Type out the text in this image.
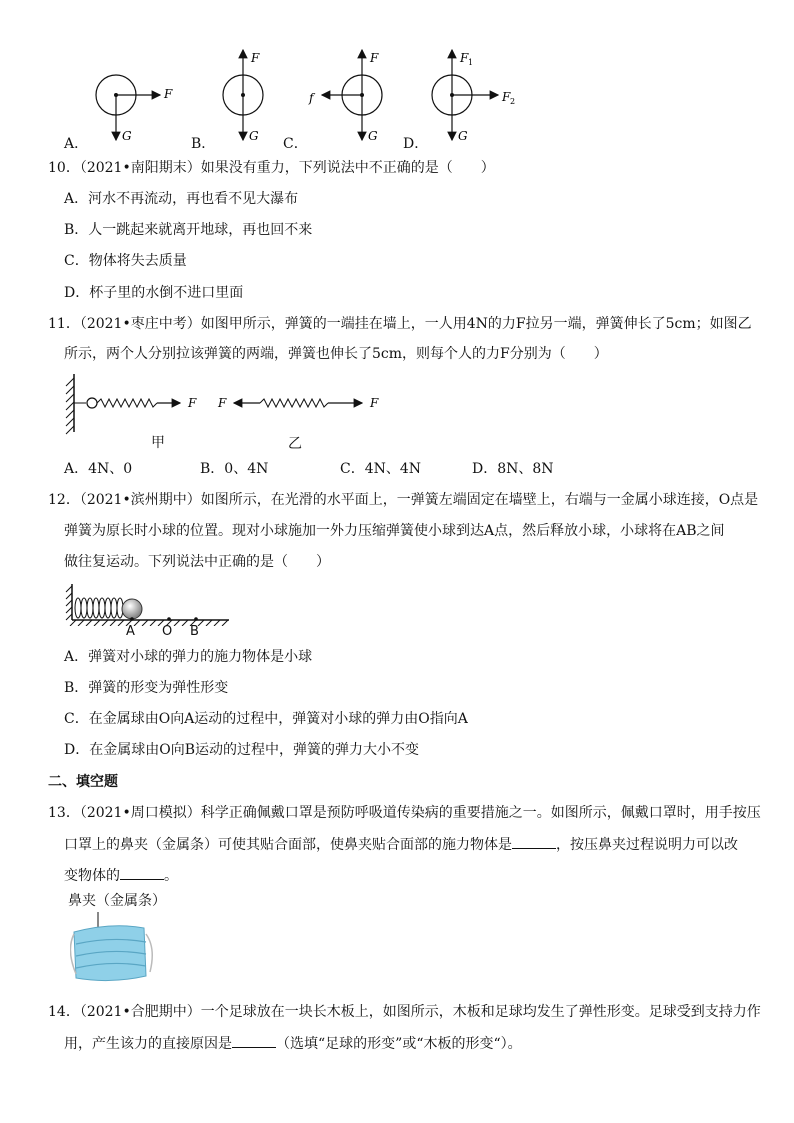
F
G
F
G
F
G
f
F 1
F 2
G
A．	B．	C．	D．
10．（2021•南阳期末）如果没有重力，下列说法中不正确的是（　　）
A．河水不再流动，再也看不见大瀑布
B．人一跳起来就离开地球，再也回不来
C．物体将失去质量
D．杯子里的水倒不进口里面
11．（2021•枣庄中考）如图甲所示，弹簧的一端挂在墙上，一人用4N的力F拉另一端，弹簧伸长了5cm；如图乙
所示，两个人分别拉该弹簧的两端，弹簧也伸长了5cm，则每个人的力F分别为（　　）
F F	F
甲	乙
A．4N、0	B．0、4N	C．4N、4N	D．8N、8N
12．（2021•滨州期中）如图所示，在光滑的水平面上，一弹簧左端固定在墙壁上，右端与一金属小球连接，O点是
弹簧为原长时小球的位置。现对小球施加一外力压缩弹簧使小球到达A点，然后释放小球，小球将在AB之间
做往复运动。下列说法中正确的是（　　）
A O B
A．弹簧对小球的弹力的施力物体是小球
B．弹簧的形变为弹性形变
C．在金属球由O向A运动的过程中，弹簧对小球的弹力由O指向A
D．在金属球由O向B运动的过程中，弹簧的弹力大小不变
二、填空题
13．（2021•周口模拟）科学正确佩戴口罩是预防呼吸道传染病的重要措施之一。如图所示，佩戴口罩时，用手按压
口罩上的鼻夹（金属条）可使其贴合面部，使鼻夹贴合面部的施力物体是	，按压鼻夹过程说明力可以改
变物体的	。
鼻夹（金属条）
14．（2021•合肥期中）一个足球放在一块长木板上，如图所示，木板和足球均发生了弹性形变。足球受到支持力作
用，产生该力的直接原因是	（选填“足球的形变”或“木板的形变“）。
